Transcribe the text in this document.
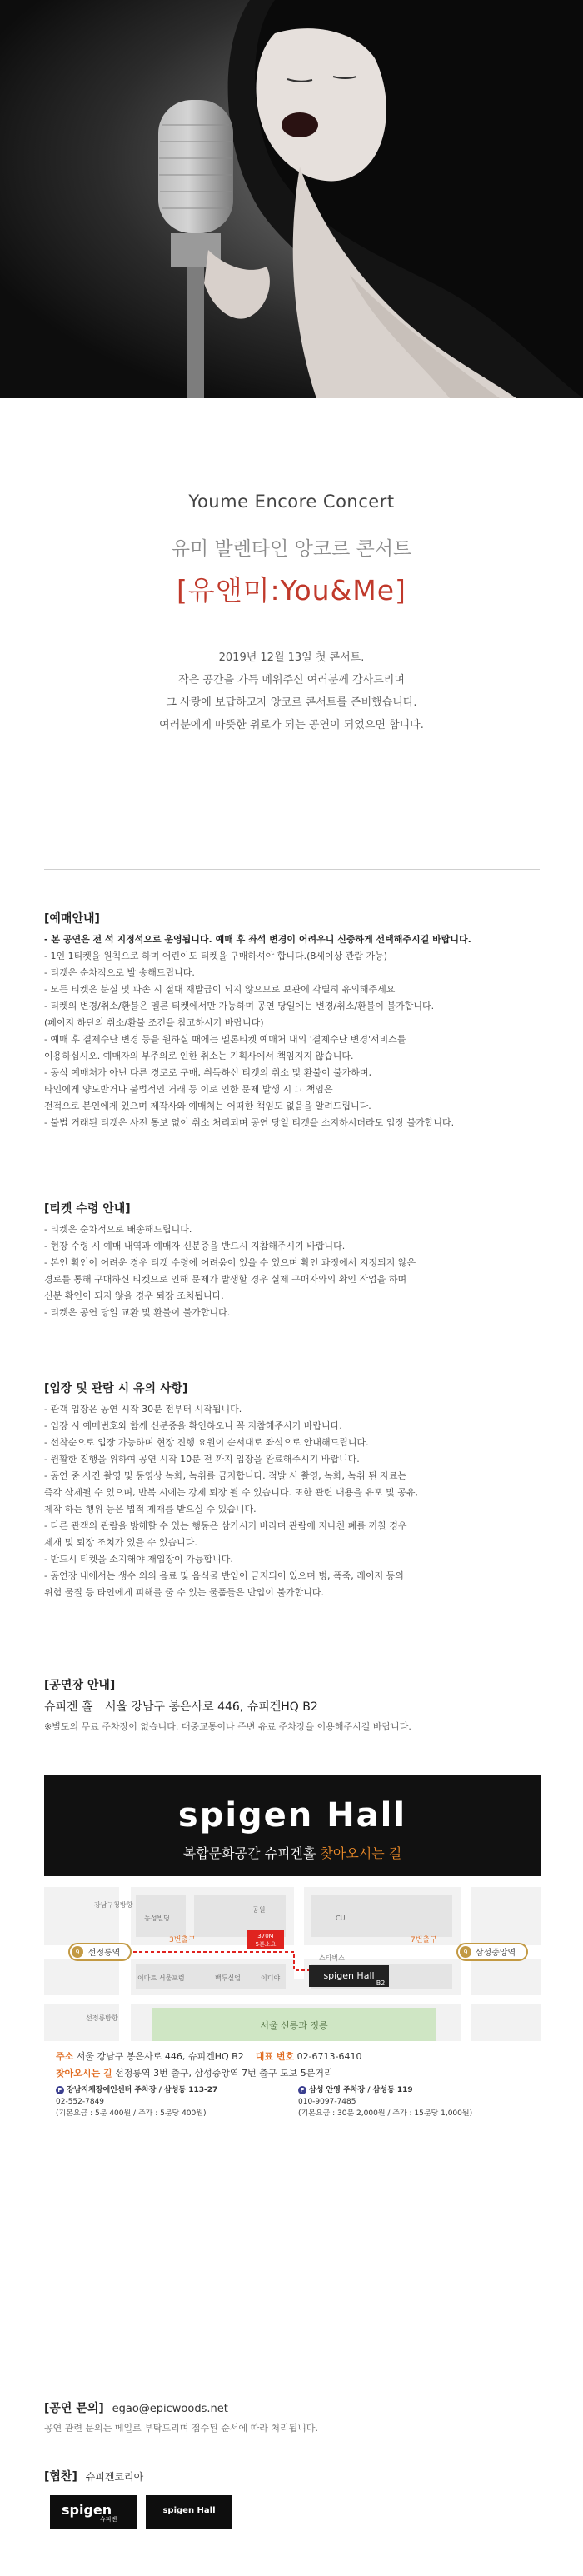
Youme Encore Concert

유미 발렌타인 앙코르 콘서트
[유앤미:You&Me]
2019년 12월 13일 첫 콘서트.
작은 공간을 가득 메워주신 여러분께 감사드리며
그 사랑에 보답하고자 앙코르 콘서트를 준비했습니다.
여러분에게 따뜻한 위로가 되는 공연이 되었으면 합니다.
[예매안내]
- 본 공연은 전 석 지정석으로 운영됩니다. 예매 후 좌석 변경이 어려우니 신중하게 선택해주시길 바랍니다.
- 1인 1티켓을 원칙으로 하며 어린이도 티켓을 구매하셔야 합니다.(8세이상 관람 가능)
- 티켓은 순차적으로 발 송해드립니다.
- 모든 티켓은 분실 및 파손 시 절대 재발급이 되지 않으므로 보관에 각별히 유의해주세요
- 티켓의 변경/취소/환불은 멜론 티켓에서만 가능하며 공연 당일에는 변경/취소/환불이 불가합니다.
(페이지 하단의 취소/환불 조건을 참고하시기 바랍니다)
- 예매 후 결제수단 변경 등을 원하실 때에는 멜론티켓 예매처 내의 '결제수단 변경'서비스를
이용하십시오. 예매자의 부주의로 인한 취소는 기획사에서 책임지지 않습니다.
- 공식 예매처가 아닌 다른 경로로 구매, 취득하신 티켓의 취소 및 환불이 불가하며,
타인에게 양도받거나 불법적인 거래 등 이로 인한 문제 발생 시 그 책임은
전적으로 본인에게 있으며 제작사와 예매처는 어떠한 책임도 없음을 알려드립니다.
- 불법 거래된 티켓은 사전 통보 없이 취소 처리되며 공연 당일 티켓을 소지하시더라도 입장 불가합니다.
[티켓 수령 안내]
- 티켓은 순차적으로 배송해드립니다.
- 현장 수령 시 예매 내역과 예매자 신분증을 반드시 지참해주시기 바랍니다.
- 본인 확인이 어려운 경우 티켓 수령에 어려움이 있을 수 있으며 확인 과정에서 지정되지 않은
경로를 통해 구매하신 티켓으로 인해 문제가 발생할 경우 실제 구매자와의 확인 작업을 하며
신분 확인이 되지 않을 경우 퇴장 조치됩니다.
- 티켓은 공연 당일 교환 및 환불이 불가합니다.
[입장 및 관람 시 유의 사항]
- 관객 입장은 공연 시작 30분 전부터 시작됩니다.
- 입장 시 예매번호와 함께 신분증을 확인하오니 꼭 지참해주시기 바랍니다.
- 선착순으로 입장 가능하며 현장 진행 요원이 순서대로 좌석으로 안내해드립니다.
- 원활한 진행을 위하여 공연 시작 10분 전 까지 입장을 완료해주시기 바랍니다.
- 공연 중 사진 촬영 및 동영상 녹화, 녹취를 금지합니다. 적발 시 촬영, 녹화, 녹취 된 자료는
즉각 삭제될 수 있으며, 반복 시에는 강제 퇴장 될 수 있습니다. 또한 관련 내용을 유포 및 공유,
제작 하는 행위 등은 법적 제재를 받으실 수 있습니다.
- 다른 관객의 관람을 방해할 수 있는 행동은 삼가시기 바라며 관람에 지나친 폐를 끼칠 경우
제재 및 퇴장 조치가 있을 수 있습니다.
- 반드시 티켓을 소지해야 재입장이 가능합니다.
- 공연장 내에서는 생수 외의 음료 및 음식물 반입이 금지되어 있으며 병, 폭죽, 레이저 등의
위험 물질 등 타인에게 피해를 줄 수 있는 물품들은 반입이 불가합니다.
[공연장 안내]
슈피겐 홀 서울 강남구 봉은사로 446, 슈피겐HQ B2
※별도의 무료 주차장이 없습니다. 대중교통이나 주변 유료 주차장을 이용해주시길 바랍니다.
spigen Hall
복합문화공간 슈피겐홀 찾아오시는 길
spigen Hall
B2
9 선정릉역	9 삼성중앙역
3번출구	7번출구
강남구청방향
동성빌딩
공원
선정릉방향
이마트 서울포럼	백두실업	이디야
스타벅스
CU
서울 선릉과 정릉
370M
5분소요
주소 서울 강남구 봉은사로 446, 슈피겐HQ B2 대표 번호 02-6713-6410
찾아오시는 길 선정릉역 3번 출구, 삼성중앙역 7번 출구 도보 5분거리
P 강남지체장애인센터 주차장 / 삼성동 113-27
02-552-7849
(기본요금 : 5분 400원 / 추가 : 5분당 400원)
P 삼성 안영 주차장 / 삼성동 119
010-9097-7485
(기본요금 : 30분 2,000원 / 추가 : 15분당 1,000원)
[공연 문의] egao@epicwoods.net
공연 관련 문의는 메일로 부탁드리며 접수된 순서에 따라 처리됩니다.
[협찬] 슈피겐코리아
spigen
슈피겐
spigen Hall
